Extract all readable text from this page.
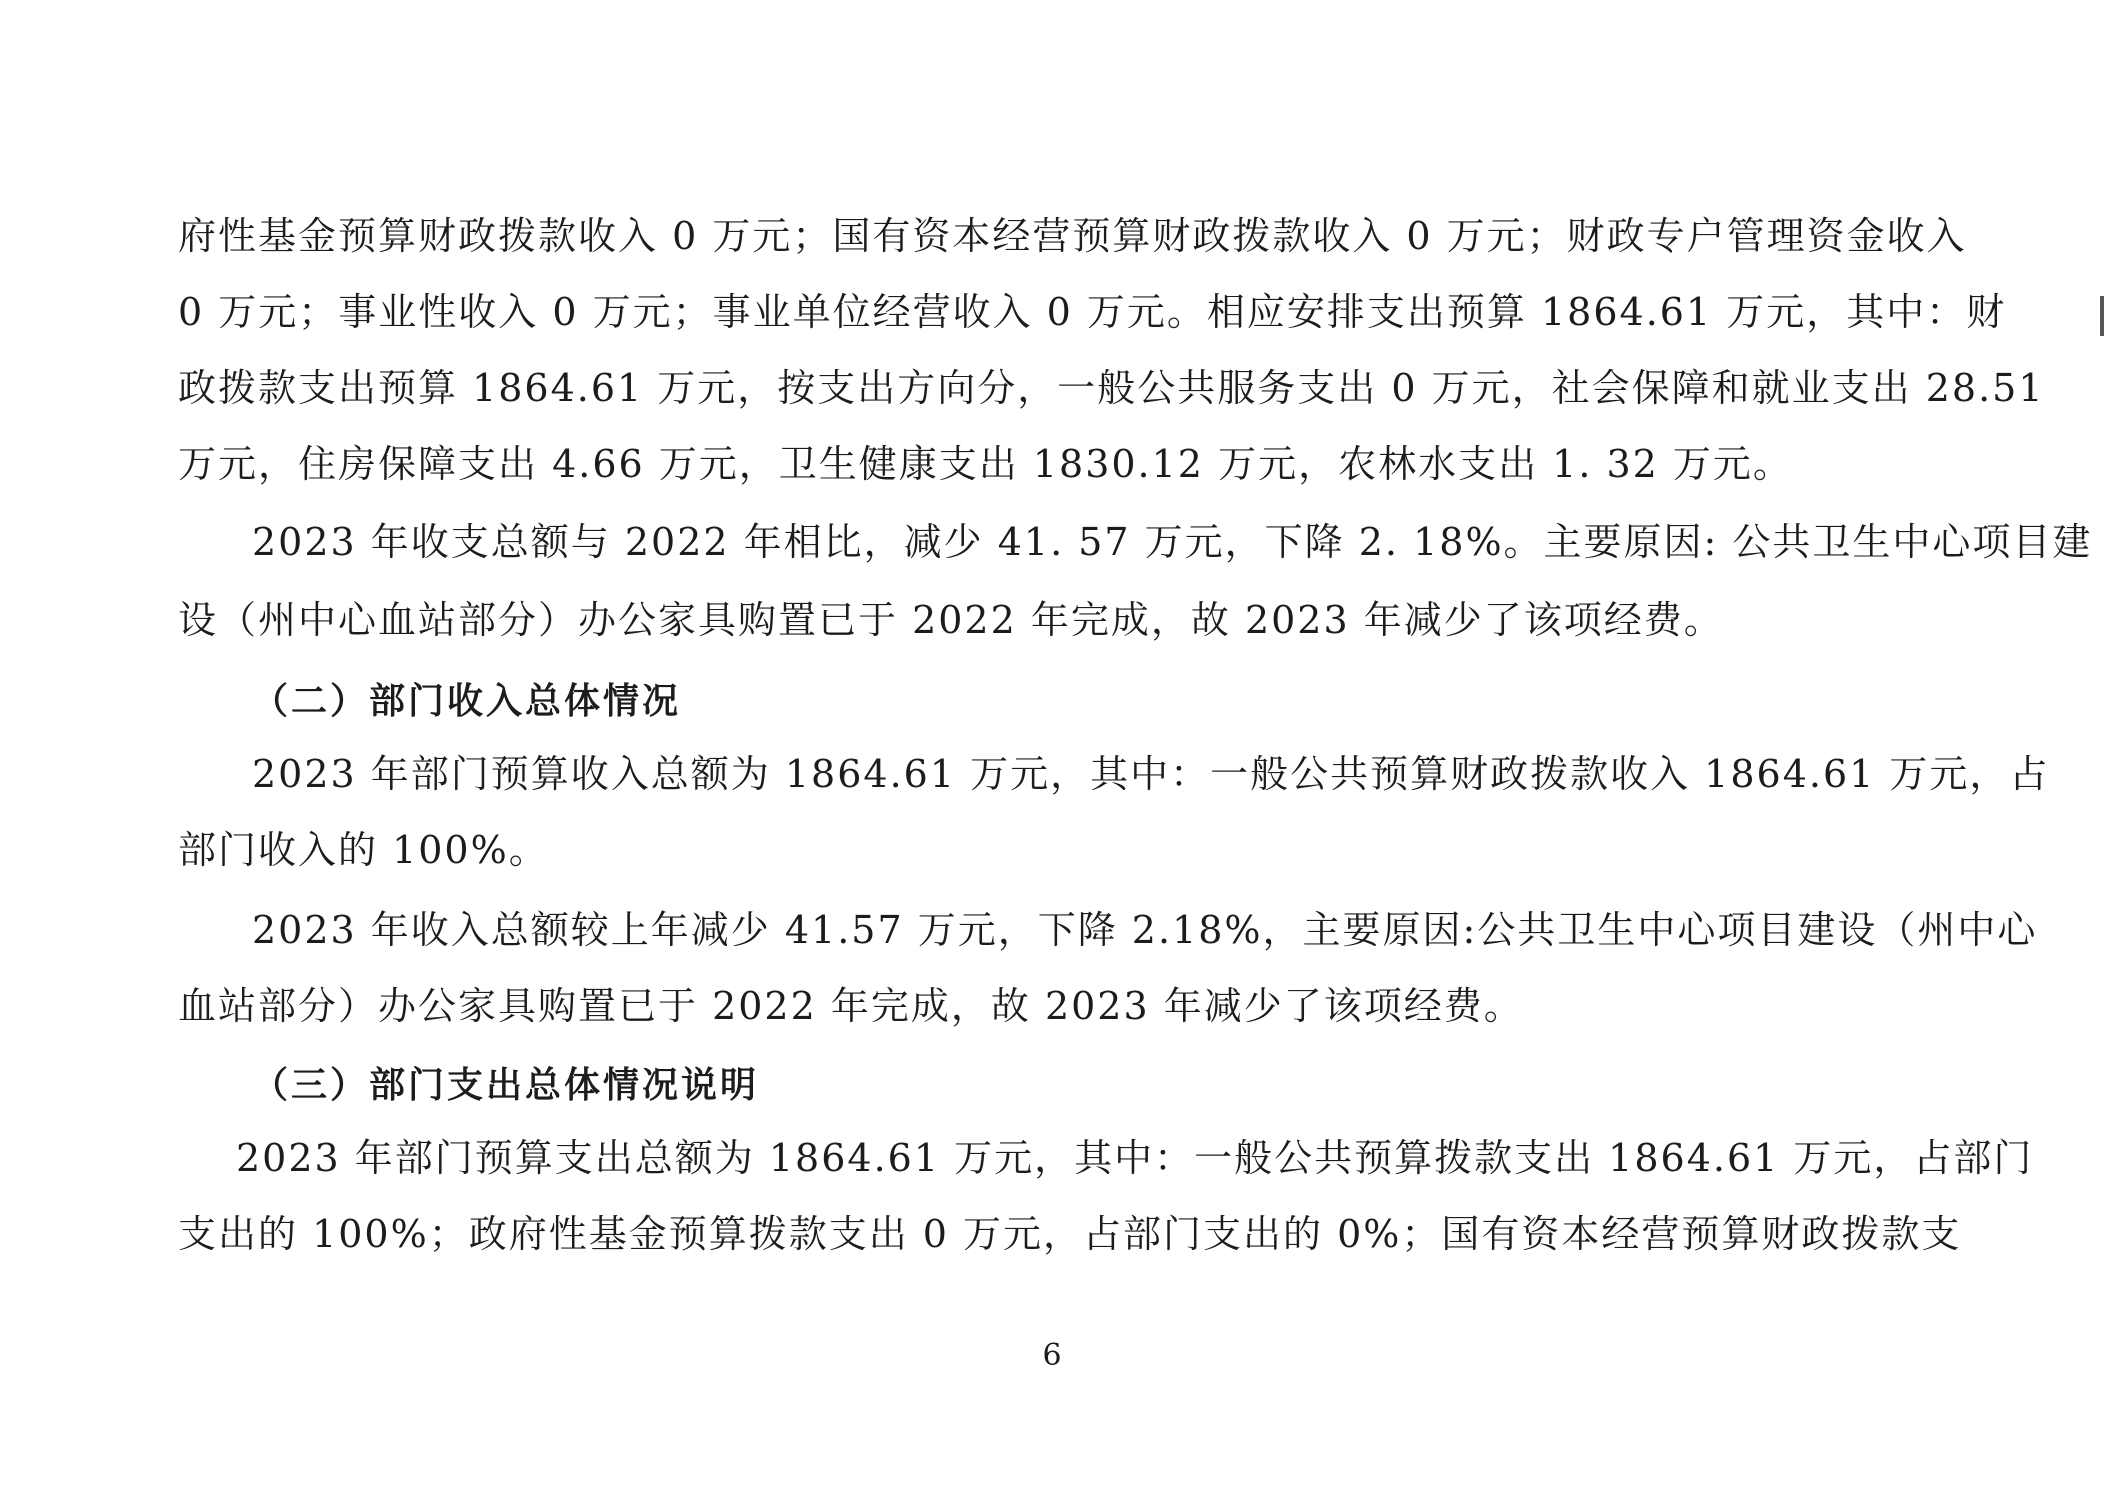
府性基金预算财政拨款收入 0 万元；国有资本经营预算财政拨款收入 0 万元；财政专户管理资金收入
0 万元；事业性收入 0 万元；事业单位经营收入 0 万元。相应安排支出预算 1864.61 万元，其中：财
政拨款支出预算 1864.61 万元，按支出方向分，一般公共服务支出 0 万元，社会保障和就业支出 28.51
万元，住房保障支出 4.66 万元，卫生健康支出 1830.12 万元，农林水支出 1. 32 万元。
2023 年收支总额与 2022 年相比，减少 41. 57 万元，下降 2. 18%。主要原因: 公共卫生中心项目建
设（州中心血站部分）办公家具购置已于 2022 年完成，故 2023 年减少了该项经费。
（二）部门收入总体情况
2023 年部门预算收入总额为 1864.61 万元，其中：一般公共预算财政拨款收入 1864.61 万元，占
部门收入的 100%。
2023 年收入总额较上年减少 41.57 万元，下降 2.18%，主要原因:公共卫生中心项目建设（州中心
血站部分）办公家具购置已于 2022 年完成，故 2023 年减少了该项经费。
（三）部门支出总体情况说明
2023 年部门预算支出总额为 1864.61 万元，其中：一般公共预算拨款支出 1864.61 万元，占部门
支出的 100%；政府性基金预算拨款支出 0 万元，占部门支出的 0%；国有资本经营预算财政拨款支
6
